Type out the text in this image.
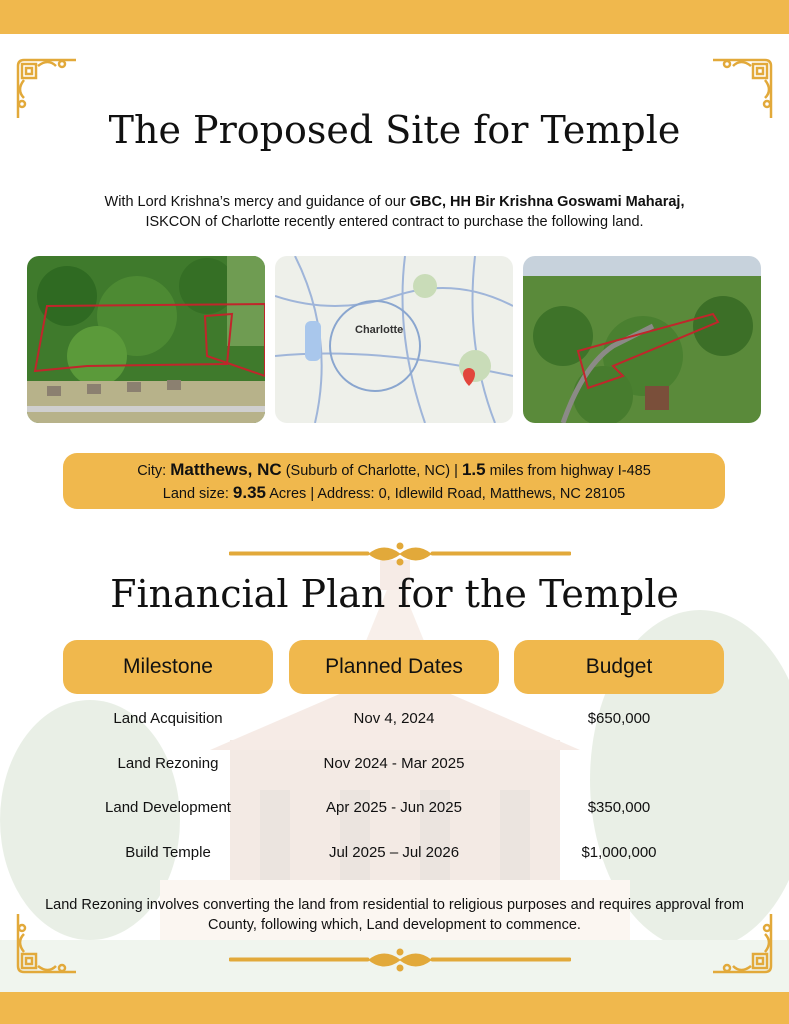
The Proposed Site for Temple
With Lord Krishna’s mercy and guidance of our GBC, HH Bir Krishna Goswami Maharaj,
ISKCON of Charlotte recently entered contract to purchase the following land.
Charlotte
City: Matthews, NC (Suburb of Charlotte, NC) | 1.5 miles from highway I-485
Land size: 9.35 Acres | Address: 0, Idlewild Road, Matthews, NC 28105
Financial Plan for the Temple
Milestone	Planned Dates	Budget
Land Acquisition	Nov 4, 2024	$650,000
Land Rezoning	Nov 2024 - Mar 2025
Land Development	Apr 2025 - Jun 2025	$350,000
Build Temple	Jul 2025 – Jul 2026	$1,000,000
Land Rezoning involves converting the land from residential to religious purposes and requires approval from County, following which, Land development to commence.
